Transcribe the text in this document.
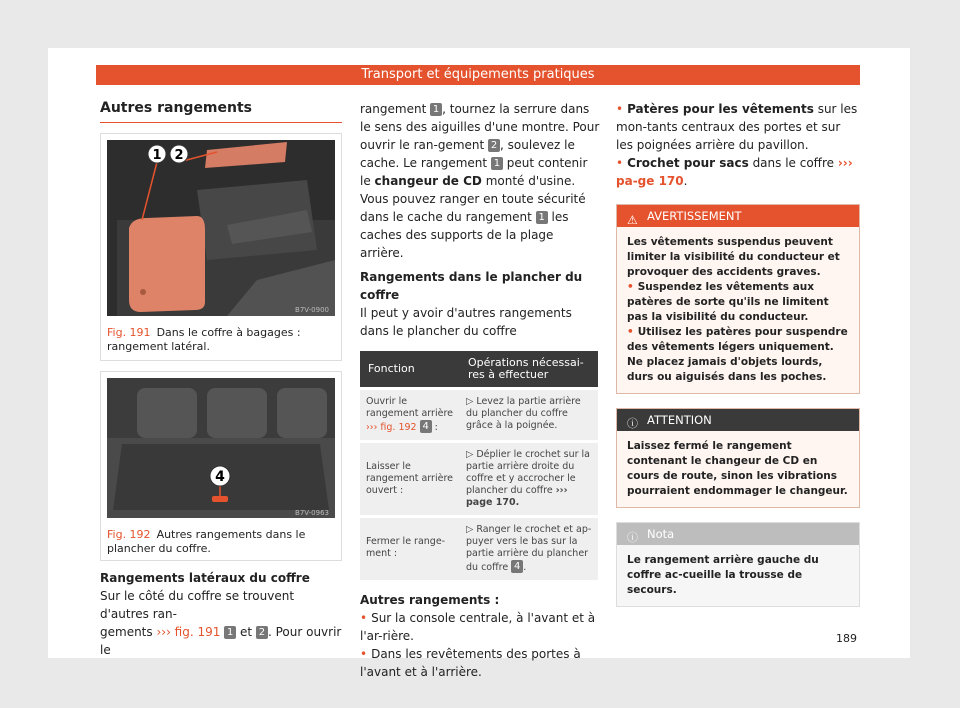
Transport et équipements pratiques
Autres rangements
1 2
B7V-0900
Fig. 191 Dans le coffre à bagages : rangement latéral.
4
B7V-0963
Fig. 192 Autres rangements dans le plancher du coffre.
Rangements latéraux du coffre

Sur le côté du coffre se trouvent d'autres ran-

gements ››› fig. 191 1 et 2 . Pour ouvrir le

rangement 1 , tournez la serrure dans le sens des aiguilles d'une montre. Pour ouvrir le ran-gement 2 , soulevez le cache. Le rangement 1 peut contenir le changeur de CD monté d'usine. Vous pouvez ranger en toute sécurité dans le cache du rangement 1 les caches des supports de la plage arrière.

Rangements dans le plancher du coffre

Il peut y avoir d'autres rangements dans le plancher du coffre

Fonction	Opérations nécessai-res à effectuer
Ouvrir le rangement arrière ››› fig. 192 4 :	▷ Levez la partie arrière du plancher du coffre grâce à la poignée.
Laisser le rangement arrière ouvert :	▷ Déplier le crochet sur la partie arrière droite du coffre et y accrocher le plancher du coffre ››› page 170.
Fermer le range-ment :	▷ Ranger le crochet et ap-puyer vers le bas sur la partie arrière du plancher du coffre 4 .
Autres rangements :

• Sur la console centrale, à l'avant et à l'ar-rière.

• Dans les revêtements des portes à l'avant et à l'arrière.

• Patères pour les vêtements sur les mon-tants centraux des portes et sur les poignées arrière du pavillon.

• Crochet pour sacs dans le coffre ››› pa-ge 170.

⚠ AVERTISSEMENT

Les vêtements suspendus peuvent limiter la visibilité du conducteur et provoquer des accidents graves.

• Suspendez les vêtements aux patères de sorte qu'ils ne limitent pas la visibilité du conducteur.

• Utilisez les patères pour suspendre des vêtements légers uniquement. Ne placez jamais d'objets lourds, durs ou aiguisés dans les poches.

ⓘ ATTENTION
Laissez fermé le rangement contenant le changeur de CD en cours de route, sinon les vibrations pourraient endommager le changeur.
ⓘ Nota
Le rangement arrière gauche du coffre ac-cueille la trousse de secours.
189
